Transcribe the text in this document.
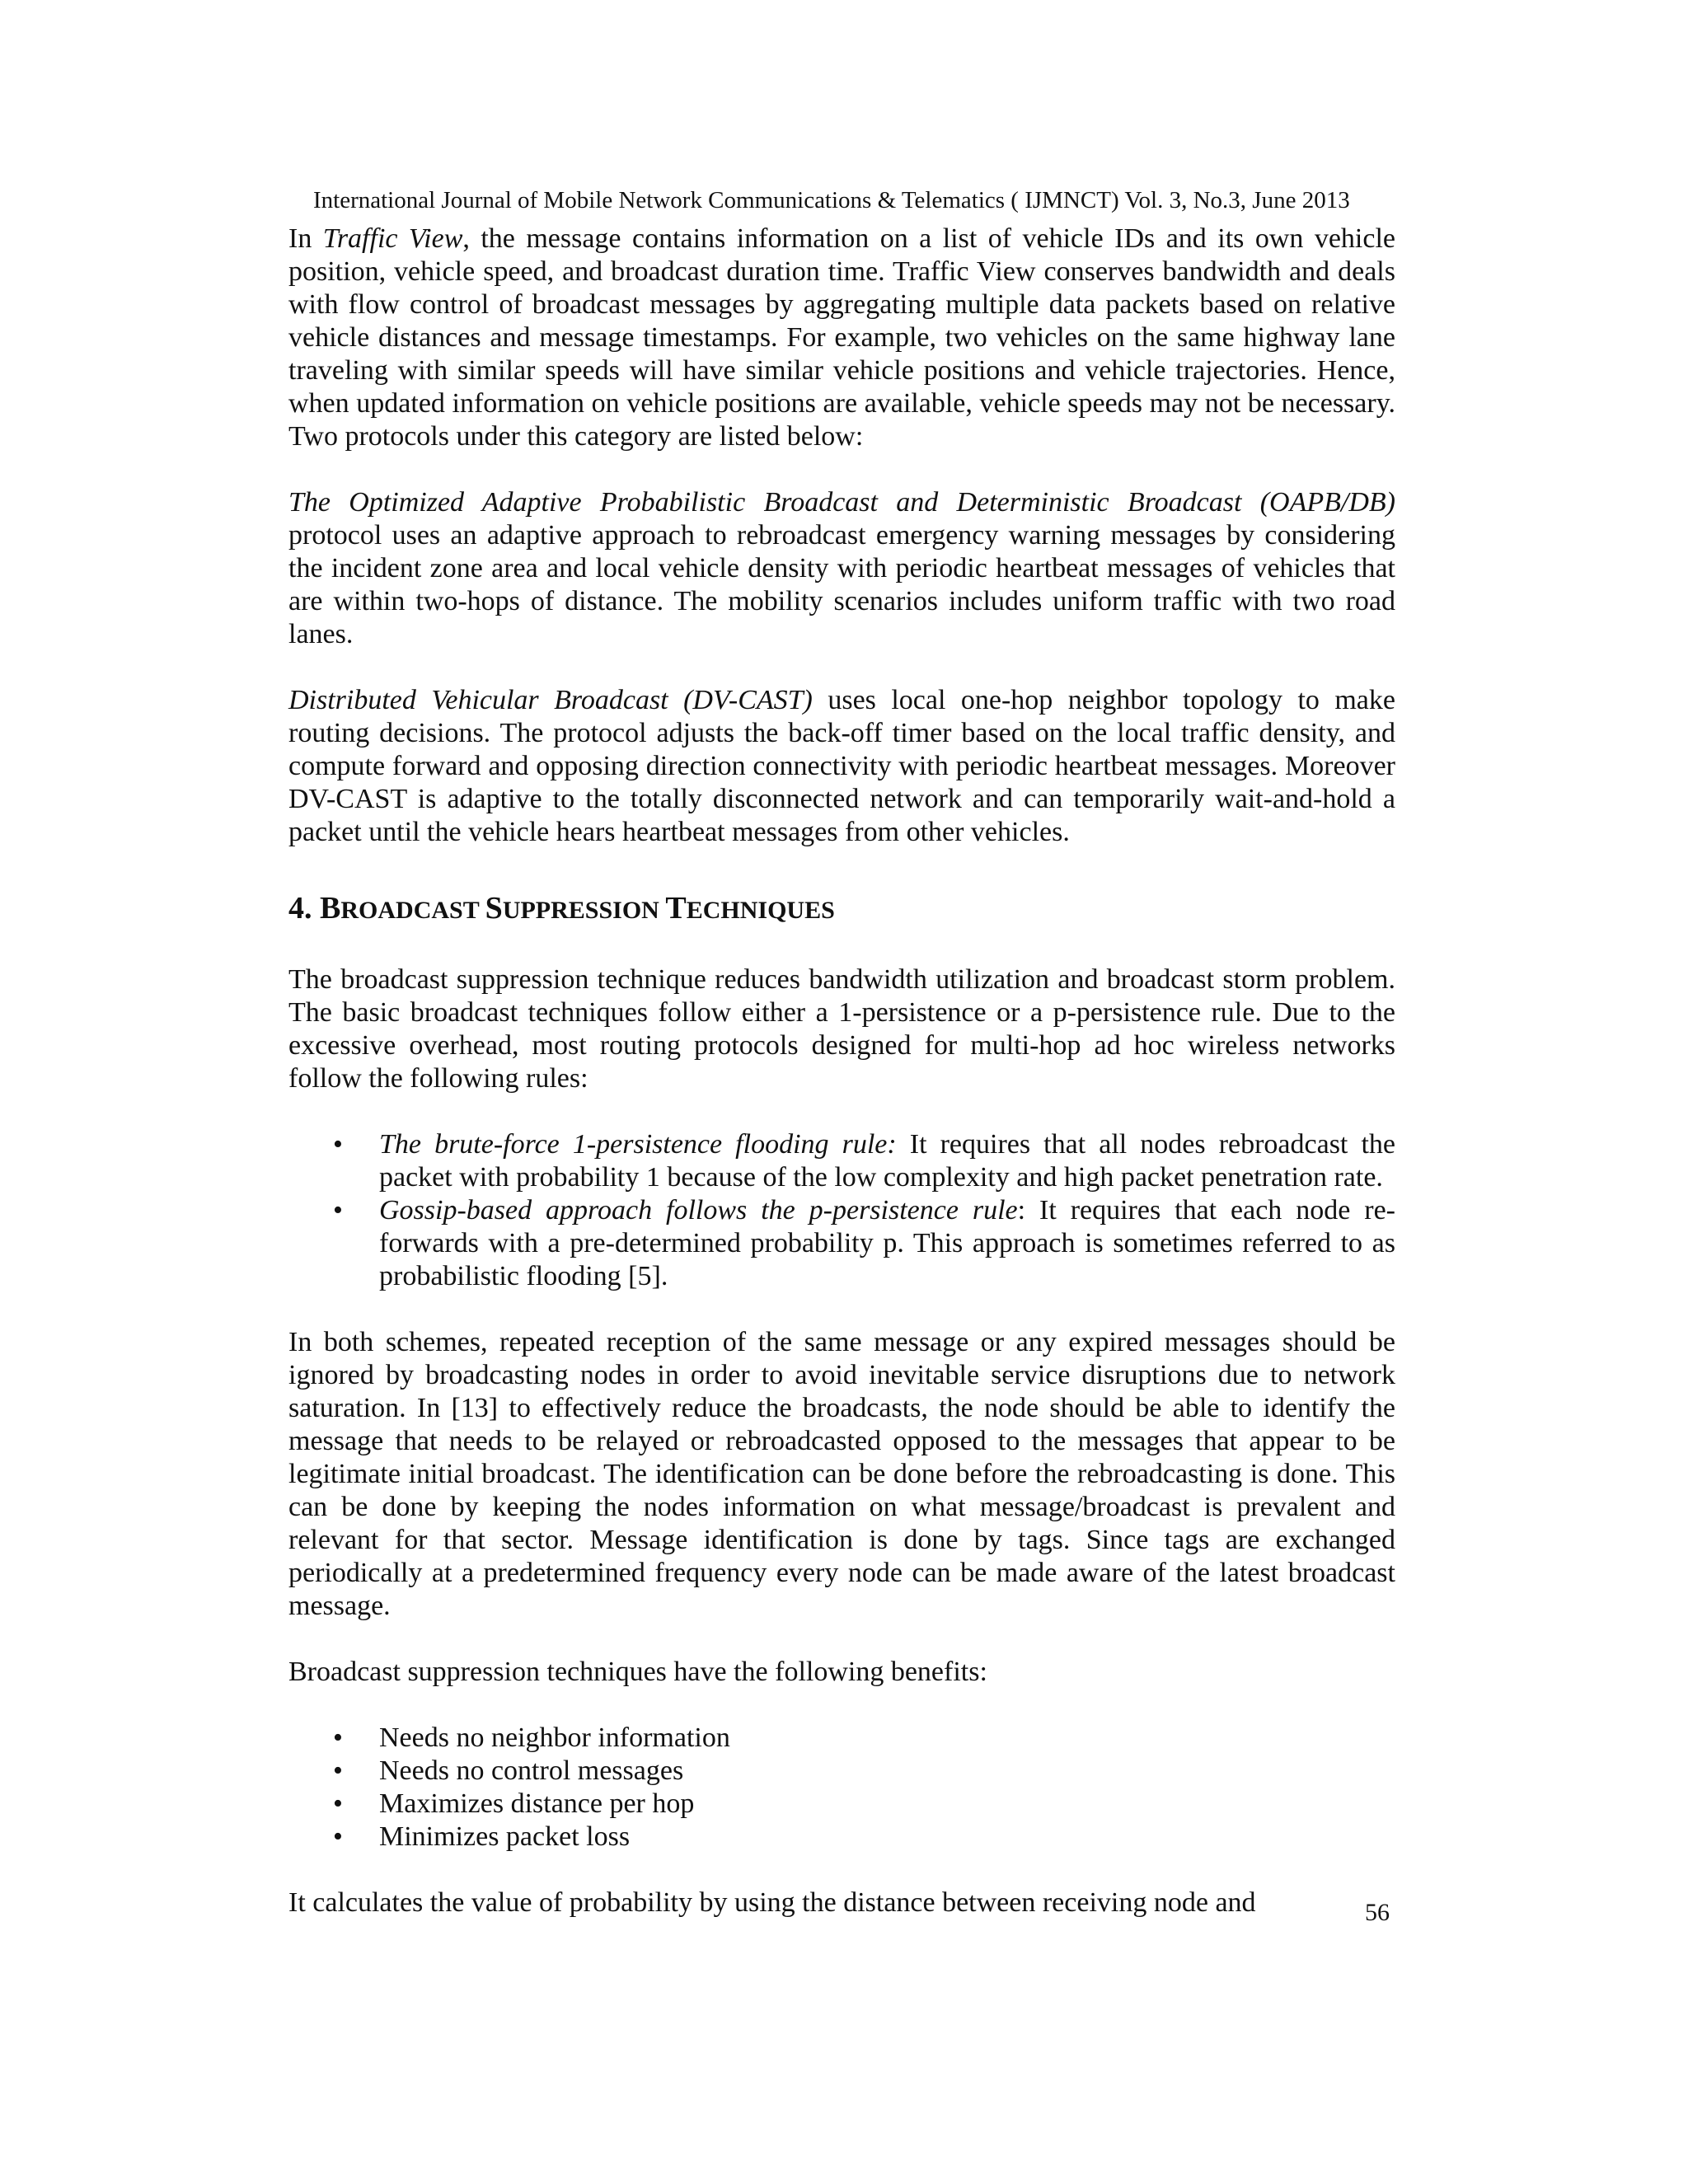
International Journal of Mobile Network Communications & Telematics ( IJMNCT) Vol. 3, No.3, June 2013

In Traffic View, the message contains information on a list of vehicle IDs and its own vehicle position, vehicle speed, and broadcast duration time. Traffic View conserves bandwidth and deals with flow control of broadcast messages by aggregating multiple data packets based on relative vehicle distances and message timestamps. For example, two vehicles on the same highway lane traveling with similar speeds will have similar vehicle positions and vehicle trajectories. Hence, when updated information on vehicle positions are available, vehicle speeds may not be necessary. Two protocols under this category are listed below:

The Optimized Adaptive Probabilistic Broadcast and Deterministic Broadcast (OAPB/DB) protocol uses an adaptive approach to rebroadcast emergency warning messages by considering the incident zone area and local vehicle density with periodic heartbeat messages of vehicles that are within two-hops of distance. The mobility scenarios includes uniform traffic with two road lanes.

Distributed Vehicular Broadcast (DV-CAST) uses local one-hop neighbor topology to make routing decisions. The protocol adjusts the back-off timer based on the local traffic density, and compute forward and opposing direction connectivity with periodic heartbeat messages. Moreover DV-CAST is adaptive to the totally disconnected network and can temporarily wait-and-hold a packet until the vehicle hears heartbeat messages from other vehicles.

4. BROADCAST SUPPRESSION TECHNIQUES

The broadcast suppression technique reduces bandwidth utilization and broadcast storm problem. The basic broadcast techniques follow either a 1-persistence or a p-persistence rule. Due to the excessive overhead, most routing protocols designed for multi-hop ad hoc wireless networks follow the following rules:

• The brute-force 1-persistence flooding rule: It requires that all nodes rebroadcast the packet with probability 1 because of the low complexity and high packet penetration rate.
• Gossip-based approach follows the p-persistence rule: It requires that each node re-forwards with a pre-determined probability p. This approach is sometimes referred to as probabilistic flooding [5].

In both schemes, repeated reception of the same message or any expired messages should be ignored by broadcasting nodes in order to avoid inevitable service disruptions due to network saturation. In [13] to effectively reduce the broadcasts, the node should be able to identify the message that needs to be relayed or rebroadcasted opposed to the messages that appear to be legitimate initial broadcast. The identification can be done before the rebroadcasting is done. This can be done by keeping the nodes information on what message/broadcast is prevalent and relevant for that sector. Message identification is done by tags. Since tags are exchanged periodically at a predetermined frequency every node can be made aware of the latest broadcast message.

Broadcast suppression techniques have the following benefits:

• Needs no neighbor information
• Needs no control messages
• Maximizes distance per hop
• Minimizes packet loss

It calculates the value of probability by using the distance between receiving node and	56
